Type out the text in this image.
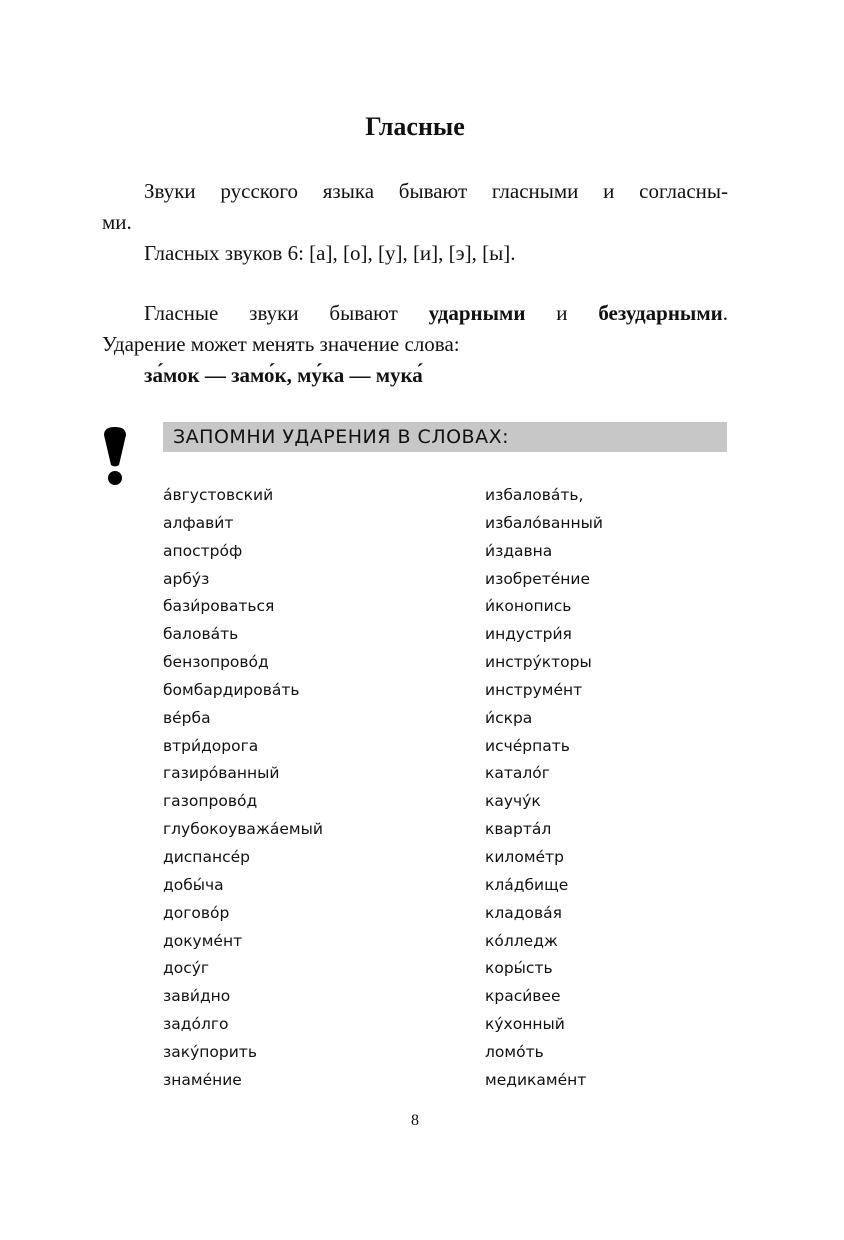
Гласные
Звуки русского языка бывают гласными и согласны-
ми.
Гласных звуков 6: [а], [о], [у], [и], [э], [ы].
Гласные звуки бывают ударными и безударными.
Ударение может менять значение слова:
за́мок — замо́к, му́ка — мука́
ЗАПОМНИ УДАРЕНИЯ В СЛОВАХ:
а́вгустовский
алфави́т
апостро́ф
арбу́з
бази́роваться
балова́ть
бензопрово́д
бомбардирова́ть
ве́рба
втри́дорога
газиро́ванный
газопрово́д
глубокоуважа́емый
диспансе́р
добы́ча
догово́р
докуме́нт
досу́г
зави́дно
задо́лго
заку́порить
знаме́ние
избалова́ть,
избало́ванный
и́здавна
изобрете́ние
и́конопись
индустри́я
инстру́кторы
инструме́нт
и́скра
исче́рпать
катало́г
каучу́к
кварта́л
киломе́тр
кла́дбище
кладова́я
ко́лледж
коры́сть
краси́вее
ку́хонный
ломо́ть
медикаме́нт
8
